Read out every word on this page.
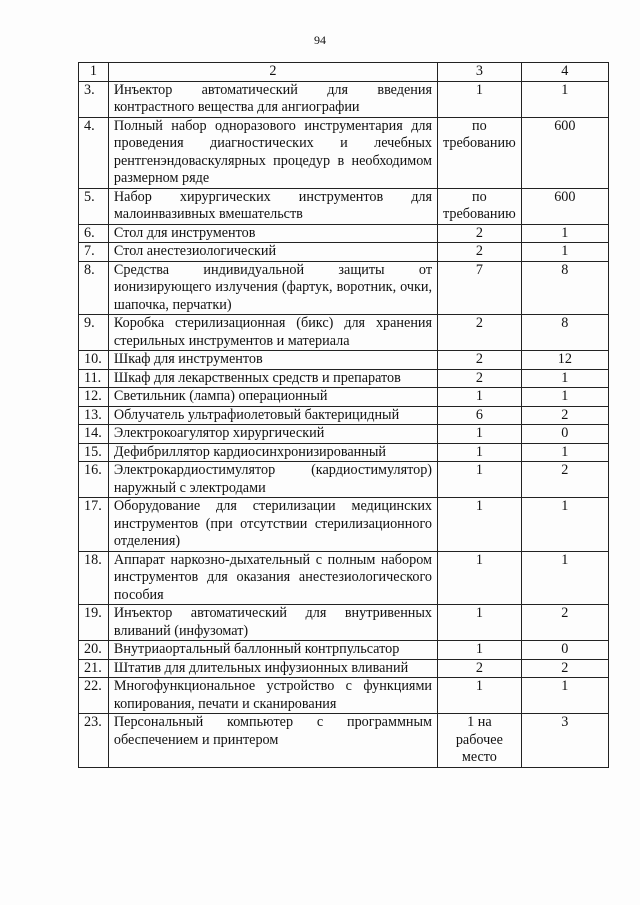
94
1	2	3	4
3.	Инъектор автоматический для введения контрастного вещества для ангиографии	1	1
4.	Полный набор одноразового инструментария для проведения диагностических и лечебных рентгенэндоваскулярных процедур в необходимом размерном ряде	по требованию	600
5.	Набор хирургических инструментов для малоинвазивных вмешательств	по требованию	600
6.	Стол для инструментов	2	1
7.	Стол анестезиологический	2	1
8.	Средства индивидуальной защиты от ионизирующего излучения (фартук, воротник, очки, шапочка, перчатки)	7	8
9.	Коробка стерилизационная (бикс) для хранения стерильных инструментов и материала	2	8
10.	Шкаф для инструментов	2	12
11.	Шкаф для лекарственных средств и препаратов	2	1
12.	Светильник (лампа) операционный	1	1
13.	Облучатель ультрафиолетовый бактерицидный	6	2
14.	Электрокоагулятор хирургический	1	0
15.	Дефибриллятор кардиосинхронизированный	1	1
16.	Электрокардиостимулятор (кардиостимулятор) наружный с электродами	1	2
17.	Оборудование для стерилизации медицинских инструментов (при отсутствии стерилизационного отделения)	1	1
18.	Аппарат наркозно-дыхательный с полным набором инструментов для оказания анестезиологического пособия	1	1
19.	Инъектор автоматический для внутривенных вливаний (инфузомат)	1	2
20.	Внутриаортальный баллонный контрпульсатор	1	0
21.	Штатив для длительных инфузионных вливаний	2	2
22.	Многофункциональное устройство с функциями копирования, печати и сканирования	1	1
23.	Персональный компьютер с программным обеспечением и принтером	1 на рабочее место	3
